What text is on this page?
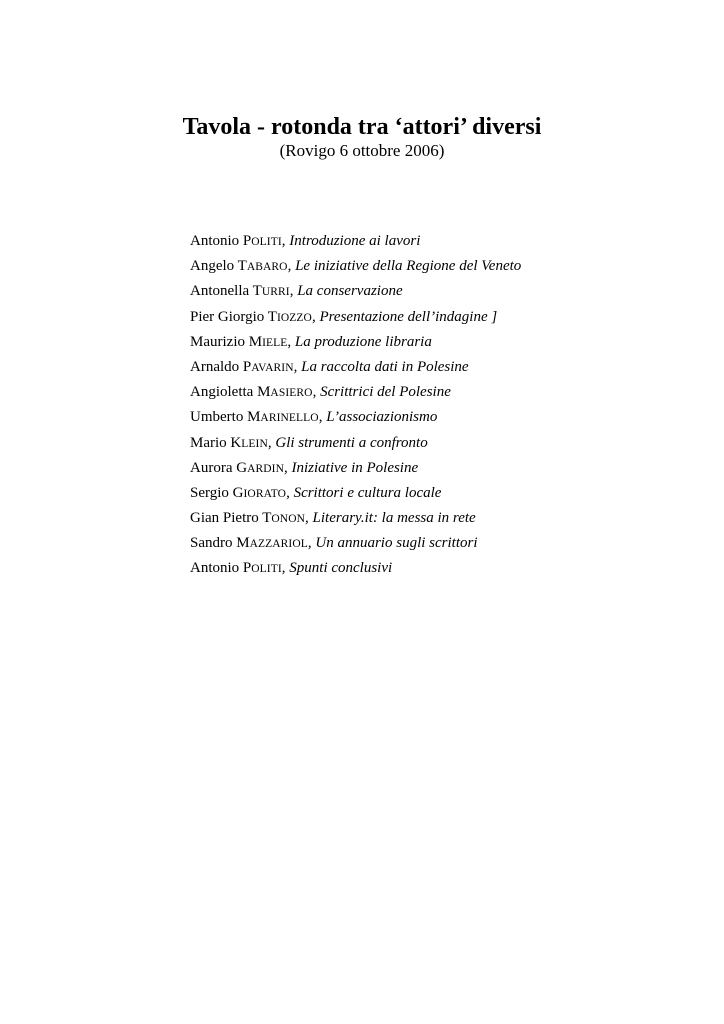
Tavola - rotonda tra ‘attori’ diversi
(Rovigo 6 ottobre 2006)
Antonio POLITI, Introduzione ai lavori
Angelo TABARO, Le iniziative della Regione del Veneto
Antonella TURRI, La conservazione
Pier Giorgio TIOZZO, Presentazione dell’indagine ]
Maurizio MIELE, La produzione libraria
Arnaldo PAVARIN, La raccolta dati in Polesine
Angioletta MASIERO, Scrittrici del Polesine
Umberto MARINELLO, L’associazionismo
Mario KLEIN, Gli strumenti a confronto
Aurora GARDIN, Iniziative in Polesine
Sergio GIORATO, Scrittori e cultura locale
Gian Pietro TONON, Literary.it: la messa in rete
Sandro MAZZARIOL, Un annuario sugli scrittori
Antonio POLITI, Spunti conclusivi
